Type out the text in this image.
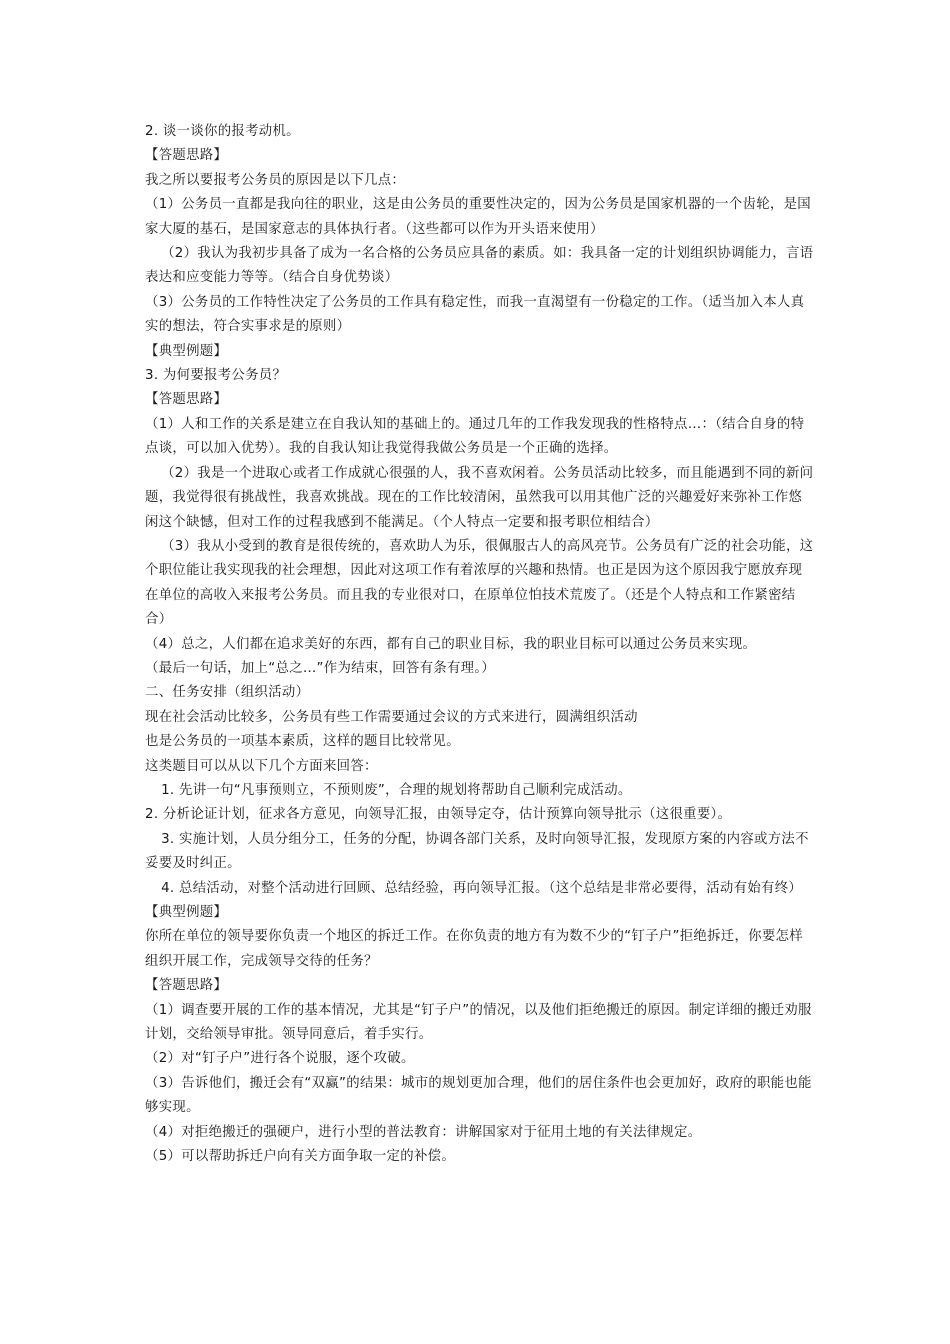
2. 谈一谈你的报考动机。

【答题思路】

我之所以要报考公务员的原因是以下几点：

（1）公务员一直都是我向往的职业，这是由公务员的重要性决定的，因为公务员是国家机器的一个齿轮，是国家大厦的基石，是国家意志的具体执行者。（这些都可以作为开头语来使用）

（2）我认为我初步具备了成为一名合格的公务员应具备的素质。如：我具备一定的计划组织协调能力，言语表达和应变能力等等。（结合自身优势谈）

（3）公务员的工作特性决定了公务员的工作具有稳定性，而我一直渴望有一份稳定的工作。（适当加入本人真实的想法，符合实事求是的原则）

【典型例题】

3. 为何要报考公务员？

【答题思路】

（1）人和工作的关系是建立在自我认知的基础上的。通过几年的工作我发现我的性格特点…：（结合自身的特点谈，可以加入优势）。我的自我认知让我觉得我做公务员是一个正确的选择。

（2）我是一个进取心或者工作成就心很强的人，我不喜欢闲着。公务员活动比较多，而且能遇到不同的新问题，我觉得很有挑战性，我喜欢挑战。现在的工作比较清闲，虽然我可以用其他广泛的兴趣爱好来弥补工作悠闲这个缺憾，但对工作的过程我感到不能满足。（个人特点一定要和报考职位相结合）

（3）我从小受到的教育是很传统的，喜欢助人为乐，很佩服古人的高风亮节。公务员有广泛的社会功能，这个职位能让我实现我的社会理想，因此对这项工作有着浓厚的兴趣和热情。也正是因为这个原因我宁愿放弃现在单位的高收入来报考公务员。而且我的专业很对口，在原单位怕技术荒废了。（还是个人特点和工作紧密结合）

（4）总之，人们都在追求美好的东西，都有自己的职业目标，我的职业目标可以通过公务员来实现。

（最后一句话，加上“总之…”作为结束，回答有条有理。）

二、任务安排（组织活动）

现在社会活动比较多，公务员有些工作需要通过会议的方式来进行，圆满组织活动

也是公务员的一项基本素质，这样的题目比较常见。

这类题目可以从以下几个方面来回答：

1. 先讲一句“凡事预则立，不预则废”，合理的规划将帮助自己顺利完成活动。

2. 分析论证计划，征求各方意见，向领导汇报，由领导定夺，估计预算向领导批示（这很重要）。

3. 实施计划，人员分组分工，任务的分配，协调各部门关系，及时向领导汇报，发现原方案的内容或方法不妥要及时纠正。

4. 总结活动，对整个活动进行回顾、总结经验，再向领导汇报。（这个总结是非常必要得，活动有始有终）

【典型例题】

你所在单位的领导要你负责一个地区的拆迁工作。在你负责的地方有为数不少的“钉子户”拒绝拆迁，你要怎样组织开展工作，完成领导交待的任务？

【答题思路】

（1）调查要开展的工作的基本情况，尤其是“钉子户”的情况，以及他们拒绝搬迁的原因。制定详细的搬迁劝服计划，交给领导审批。领导同意后，着手实行。

（2）对“钉子户”进行各个说服，逐个攻破。

（3）告诉他们，搬迁会有“双赢”的结果：城市的规划更加合理，他们的居住条件也会更加好，政府的职能也能够实现。

（4）对拒绝搬迁的强硬户，进行小型的普法教育：讲解国家对于征用土地的有关法律规定。

（5）可以帮助拆迁户向有关方面争取一定的补偿。
